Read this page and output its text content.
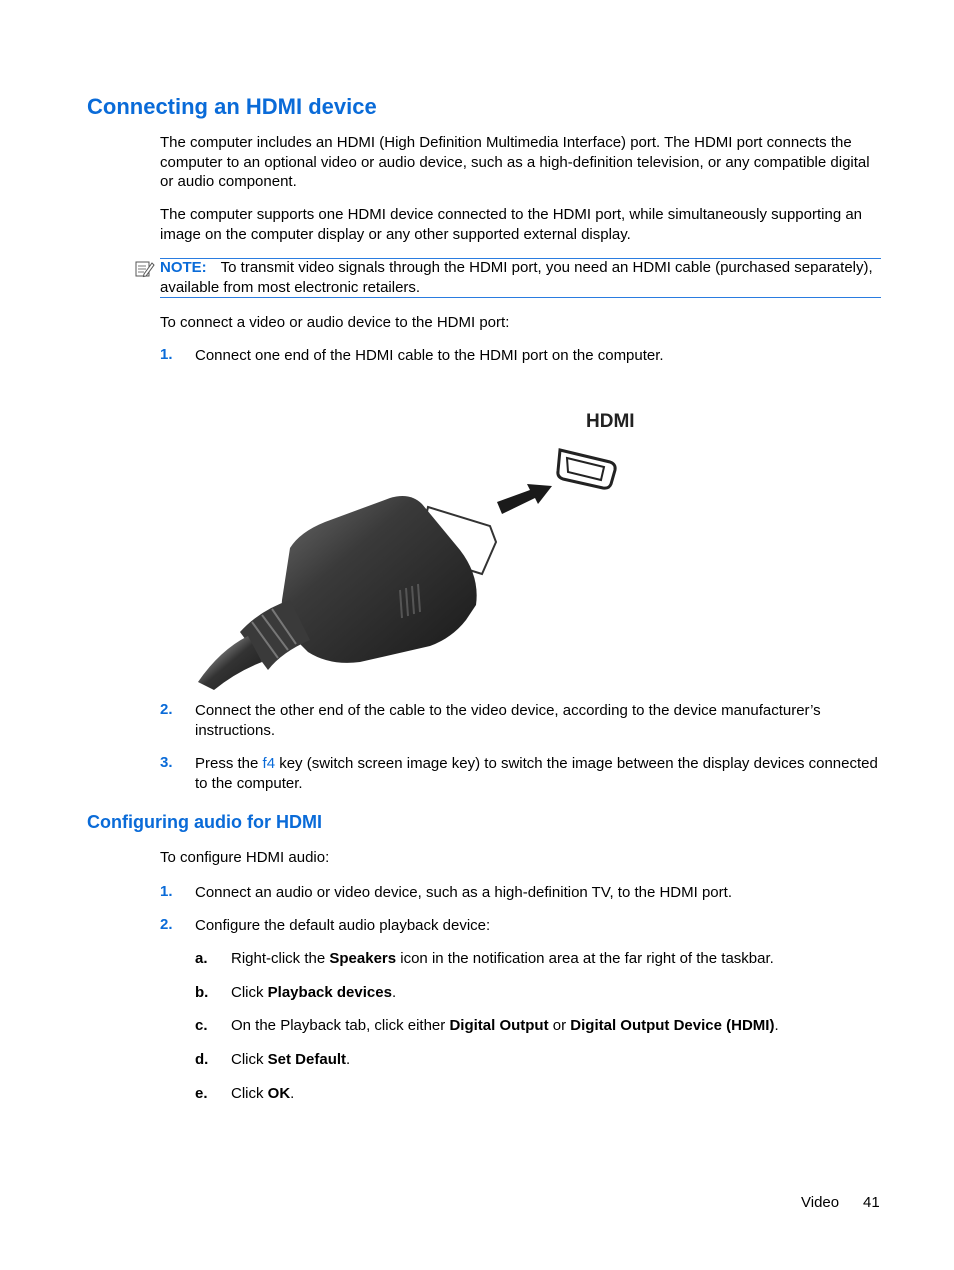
Connecting an HDMI device
The computer includes an HDMI (High Definition Multimedia Interface) port. The HDMI port connects the computer to an optional video or audio device, such as a high-definition television, or any compatible digital or audio component.
The computer supports one HDMI device connected to the HDMI port, while simultaneously supporting an image on the computer display or any other supported external display.
NOTE: To transmit video signals through the HDMI port, you need an HDMI cable (purchased separately), available from most electronic retailers.
To connect a video or audio device to the HDMI port:
1. Connect one end of the HDMI cable to the HDMI port on the computer.
HDMI
2. Connect the other end of the cable to the video device, according to the device manufacturer’s instructions.
3. Press the f4 key (switch screen image key) to switch the image between the display devices connected to the computer.
Configuring audio for HDMI
To configure HDMI audio:
1. Connect an audio or video device, such as a high-definition TV, to the HDMI port.
2. Configure the default audio playback device:
a. Right-click the Speakers icon in the notification area at the far right of the taskbar.
b. Click Playback devices.
c. On the Playback tab, click either Digital Output or Digital Output Device (HDMI).
d. Click Set Default.
e. Click OK.
Video 41
